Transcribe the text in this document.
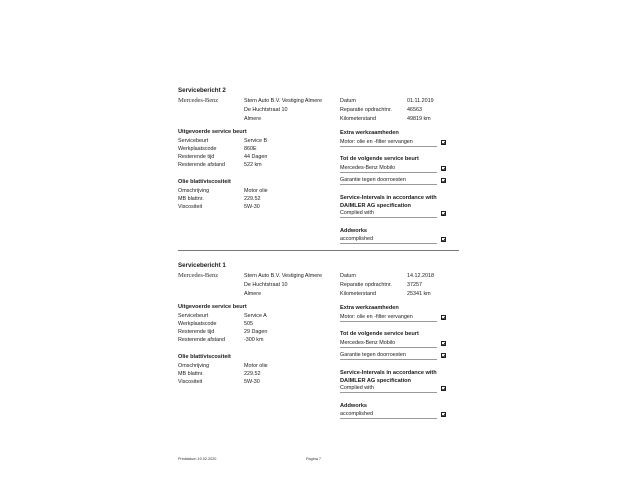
Servicebericht 2
Mercedes-Benz	Stern Auto B.V. Vestiging Almere
De Huchtstraat 10
Almere
Datum	01.11.2019
Reparatie opdrachtnr.	46563
Kilometerstand	49819 km
Uitgevoerde service beurt
Servicebeurt	Service B
Werkplaatscode	860E
Resterende tijd	44 Dagen
Resterende afstand	522 km
Olie blatt/viscositeit
Omschrijving	Motor olie
MB blattnr.	229.52
Viscositeit	5W-30
Extra werkzaamheden
Motor: olie en -filter vervangen
Tot de volgende service beurt
Mercedes-Benz Mobilo
Garantie tegen doorroesten
Service-Intervals in accordance with
DAIMLER AG specification
Complied with
Addworks
accomplished
Servicebericht 1
Mercedes-Benz	Stern Auto B.V. Vestiging Almere
De Huchtstraat 10
Almere
Datum	14.12.2018
Reparatie opdrachtnr.	37257
Kilometerstand	25341 km
Uitgevoerde service beurt
Servicebeurt	Service A
Werkplaatscode	505
Resterende tijd	29 Dagen
Resterende afstand	-300 km
Olie blatt/viscositeit
Omschrijving	Motor olie
MB blattnr.	229.52
Viscositeit	5W-30
Extra werkzaamheden
Motor: olie en -filter vervangen
Tot de volgende service beurt
Mercedes-Benz Mobilo
Garantie tegen doorroesten
Service-Intervals in accordance with
DAIMLER AG specification
Complied with
Addworks
accomplished
Printdatum 19.02.2020	Pagina 7
